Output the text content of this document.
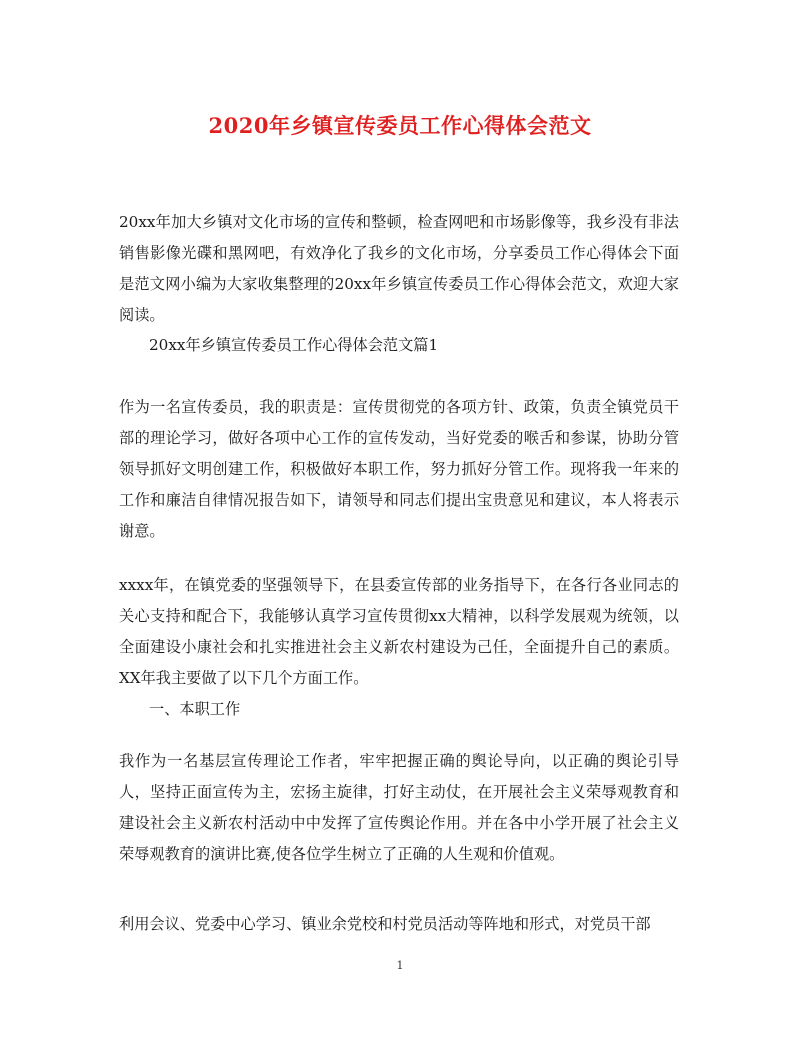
2020年乡镇宣传委员工作心得体会范文
20xx年加大乡镇对文化市场的宣传和整顿，检查网吧和市场影像等，我乡没有非法销售影像光碟和黑网吧，有效净化了我乡的文化市场，分享委员工作心得体会下面是范文网小编为大家收集整理的20xx年乡镇宣传委员工作心得体会范文，欢迎大家阅读。
20xx年乡镇宣传委员工作心得体会范文篇1
作为一名宣传委员，我的职责是：宣传贯彻党的各项方针、政策，负责全镇党员干部的理论学习，做好各项中心工作的宣传发动，当好党委的喉舌和参谋，协助分管领导抓好文明创建工作，积极做好本职工作，努力抓好分管工作。现将我一年来的工作和廉洁自律情况报告如下，请领导和同志们提出宝贵意见和建议，本人将表示谢意。
xxxx年，在镇党委的坚强领导下，在县委宣传部的业务指导下，在各行各业同志的关心支持和配合下，我能够认真学习宣传贯彻xx大精神，以科学发展观为统领，以全面建设小康社会和扎实推进社会主义新农村建设为己任，全面提升自己的素质。XX年我主要做了以下几个方面工作。
一、本职工作
我作为一名基层宣传理论工作者，牢牢把握正确的舆论导向，以正确的舆论引导人，坚持正面宣传为主，宏扬主旋律，打好主动仗，在开展社会主义荣辱观教育和建设社会主义新农村活动中中发挥了宣传舆论作用。并在各中小学开展了社会主义荣辱观教育的演讲比赛,使各位学生树立了正确的人生观和价值观。
利用会议、党委中心学习、镇业余党校和村党员活动等阵地和形式，对党员干部
1
